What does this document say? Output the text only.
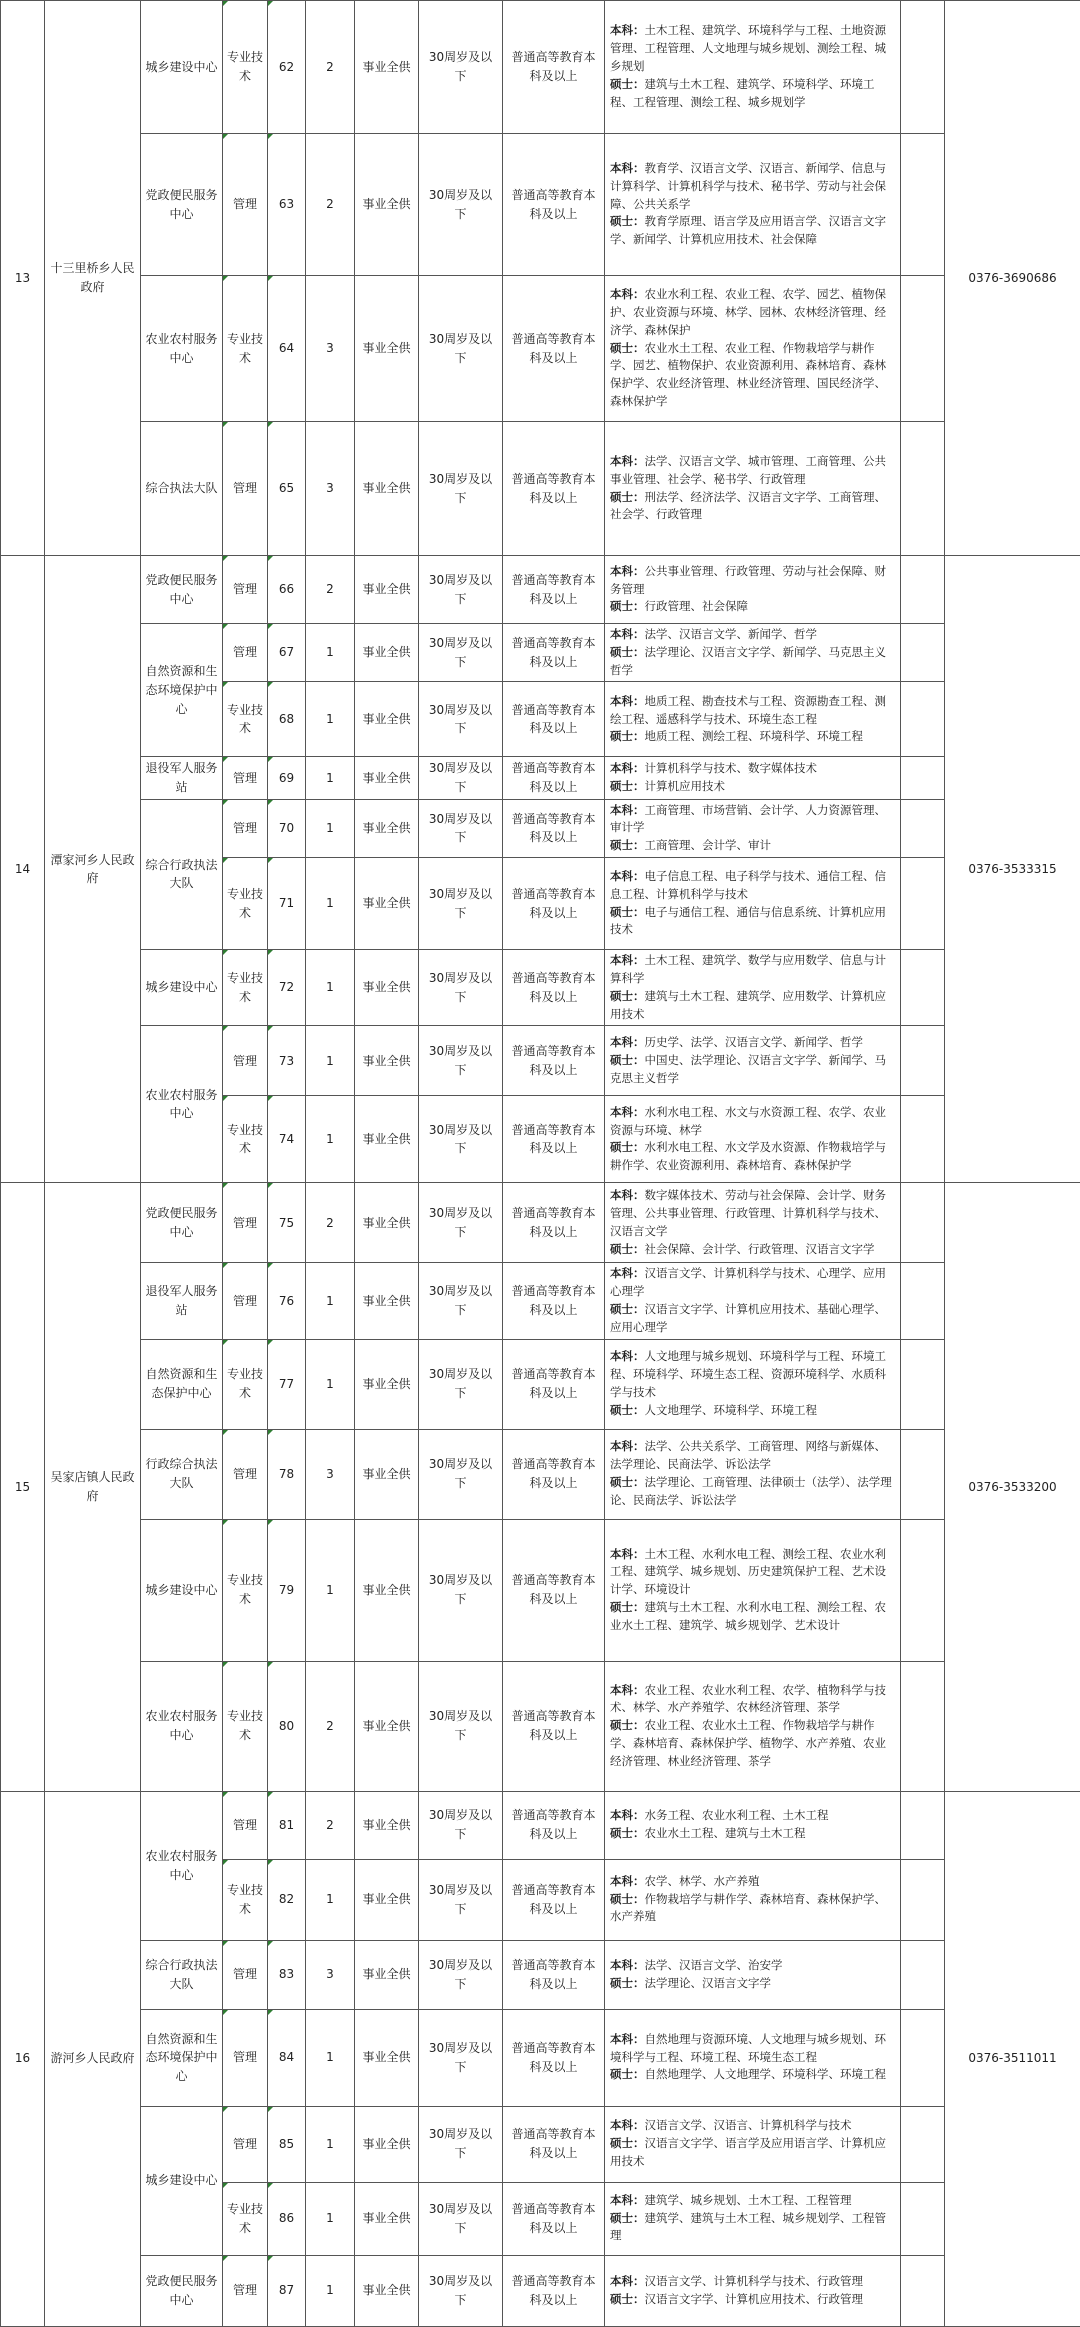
13	十三里桥乡人民政府	城乡建设中心	专业技术	62	2	事业全供	30周岁及以下	普通高等教育本科及以上	本科：土木工程、建筑学、环境科学与工程、土地资源管理、工程管理、人文地理与城乡规划、测绘工程、城乡规划
硕士：建筑与土木工程、建筑学、环境科学、环境工程、工程管理、测绘工程、城乡规划学		0376-3690686
		党政便民服务中心	管理	63	2	事业全供	30周岁及以下	普通高等教育本科及以上	本科：教育学、汉语言文学、汉语言、新闻学、信息与计算科学、计算机科学与技术、秘书学、劳动与社会保障、公共关系学
硕士：教育学原理、语言学及应用语言学、汉语言文字学、新闻学、计算机应用技术、社会保障		
		农业农村服务中心	专业技术	64	3	事业全供	30周岁及以下	普通高等教育本科及以上	本科：农业水利工程、农业工程、农学、园艺、植物保护、农业资源与环境、林学、园林、农林经济管理、经济学、森林保护
硕士：农业水土工程、农业工程、作物栽培学与耕作学、园艺、植物保护、农业资源利用、森林培育、森林保护学、农业经济管理、林业经济管理、国民经济学、森林保护学		
		综合执法大队	管理	65	3	事业全供	30周岁及以下	普通高等教育本科及以上	本科：法学、汉语言文学、城市管理、工商管理、公共事业管理、社会学、秘书学、行政管理
硕士：刑法学、经济法学、汉语言文字学、工商管理、社会学、行政管理		
14	潭家河乡人民政府	党政便民服务中心	管理	66	2	事业全供	30周岁及以下	普通高等教育本科及以上	本科：公共事业管理、行政管理、劳动与社会保障、财务管理
硕士：行政管理、社会保障		0376-3533315
		自然资源和生态环境保护中心	管理	67	1	事业全供	30周岁及以下	普通高等教育本科及以上	本科：法学、汉语言文学、新闻学、哲学
硕士：法学理论、汉语言文字学、新闻学、马克思主义哲学		
			专业技术	68	1	事业全供	30周岁及以下	普通高等教育本科及以上	本科：地质工程、勘查技术与工程、资源勘查工程、测绘工程、遥感科学与技术、环境生态工程
硕士：地质工程、测绘工程、环境科学、环境工程		
		退役军人服务站	管理	69	1	事业全供	30周岁及以下	普通高等教育本科及以上	本科：计算机科学与技术、数字媒体技术
硕士：计算机应用技术		
		综合行政执法大队	管理	70	1	事业全供	30周岁及以下	普通高等教育本科及以上	本科：工商管理、市场营销、会计学、人力资源管理、审计学
硕士：工商管理、会计学、审计		
			专业技术	71	1	事业全供	30周岁及以下	普通高等教育本科及以上	本科：电子信息工程、电子科学与技术、通信工程、信息工程、计算机科学与技术
硕士：电子与通信工程、通信与信息系统、计算机应用技术		
		城乡建设中心	专业技术	72	1	事业全供	30周岁及以下	普通高等教育本科及以上	本科：土木工程、建筑学、数学与应用数学、信息与计算科学
硕士：建筑与土木工程、建筑学、应用数学、计算机应用技术		
		农业农村服务中心	管理	73	1	事业全供	30周岁及以下	普通高等教育本科及以上	本科：历史学、法学、汉语言文学、新闻学、哲学
硕士：中国史、法学理论、汉语言文字学、新闻学、马克思主义哲学		
			专业技术	74	1	事业全供	30周岁及以下	普通高等教育本科及以上	本科：水利水电工程、水文与水资源工程、农学、农业资源与环境、林学
硕士：水利水电工程、水文学及水资源、作物栽培学与耕作学、农业资源利用、森林培育、森林保护学		
15	吴家店镇人民政府	党政便民服务中心	管理	75	2	事业全供	30周岁及以下	普通高等教育本科及以上	本科：数字媒体技术、劳动与社会保障、会计学、财务管理、公共事业管理、行政管理、计算机科学与技术、汉语言文学
硕士：社会保障、会计学、行政管理、汉语言文字学		0376-3533200
		退役军人服务站	管理	76	1	事业全供	30周岁及以下	普通高等教育本科及以上	本科：汉语言文学、计算机科学与技术、心理学、应用心理学
硕士：汉语言文字学、计算机应用技术、基础心理学、应用心理学		
		自然资源和生态保护中心	专业技术	77	1	事业全供	30周岁及以下	普通高等教育本科及以上	本科：人文地理与城乡规划、环境科学与工程、环境工程、环境科学、环境生态工程、资源环境科学、水质科学与技术
硕士：人文地理学、环境科学、环境工程		
		行政综合执法大队	管理	78	3	事业全供	30周岁及以下	普通高等教育本科及以上	本科：法学、公共关系学、工商管理、网络与新媒体、法学理论、民商法学、诉讼法学
硕士：法学理论、工商管理、法律硕士（法学）、法学理论、民商法学、诉讼法学		
		城乡建设中心	专业技术	79	1	事业全供	30周岁及以下	普通高等教育本科及以上	本科：土木工程、水利水电工程、测绘工程、农业水利工程、建筑学、城乡规划、历史建筑保护工程、艺术设计学、环境设计
硕士：建筑与土木工程、水利水电工程、测绘工程、农业水土工程、建筑学、城乡规划学、艺术设计		
		农业农村服务中心	专业技术	80	2	事业全供	30周岁及以下	普通高等教育本科及以上	本科：农业工程、农业水利工程、农学、植物科学与技术、林学、水产养殖学、农林经济管理、茶学
硕士：农业工程、农业水土工程、作物栽培学与耕作学、森林培育、森林保护学、植物学、水产养殖、农业经济管理、林业经济管理、茶学		
16	游河乡人民政府	农业农村服务中心	管理	81	2	事业全供	30周岁及以下	普通高等教育本科及以上	本科：水务工程、农业水利工程、土木工程
硕士：农业水土工程、建筑与土木工程		0376-3511011
			专业技术	82	1	事业全供	30周岁及以下	普通高等教育本科及以上	本科：农学、林学、水产养殖
硕士：作物栽培学与耕作学、森林培育、森林保护学、水产养殖		
		综合行政执法大队	管理	83	3	事业全供	30周岁及以下	普通高等教育本科及以上	本科：法学、汉语言文学、治安学
硕士：法学理论、汉语言文字学		
		自然资源和生态环境保护中心	管理	84	1	事业全供	30周岁及以下	普通高等教育本科及以上	本科：自然地理与资源环境、人文地理与城乡规划、环境科学与工程、环境工程、环境生态工程
硕士：自然地理学、人文地理学、环境科学、环境工程		
		城乡建设中心	管理	85	1	事业全供	30周岁及以下	普通高等教育本科及以上	本科：汉语言文学、汉语言、计算机科学与技术
硕士：汉语言文字学、语言学及应用语言学、计算机应用技术		
			专业技术	86	1	事业全供	30周岁及以下	普通高等教育本科及以上	本科：建筑学、城乡规划、土木工程、工程管理
硕士：建筑学、建筑与土木工程、城乡规划学、工程管理		
		党政便民服务中心	管理	87	1	事业全供	30周岁及以下	普通高等教育本科及以上	本科：汉语言文学、计算机科学与技术、行政管理
硕士：汉语言文字学、计算机应用技术、行政管理		
